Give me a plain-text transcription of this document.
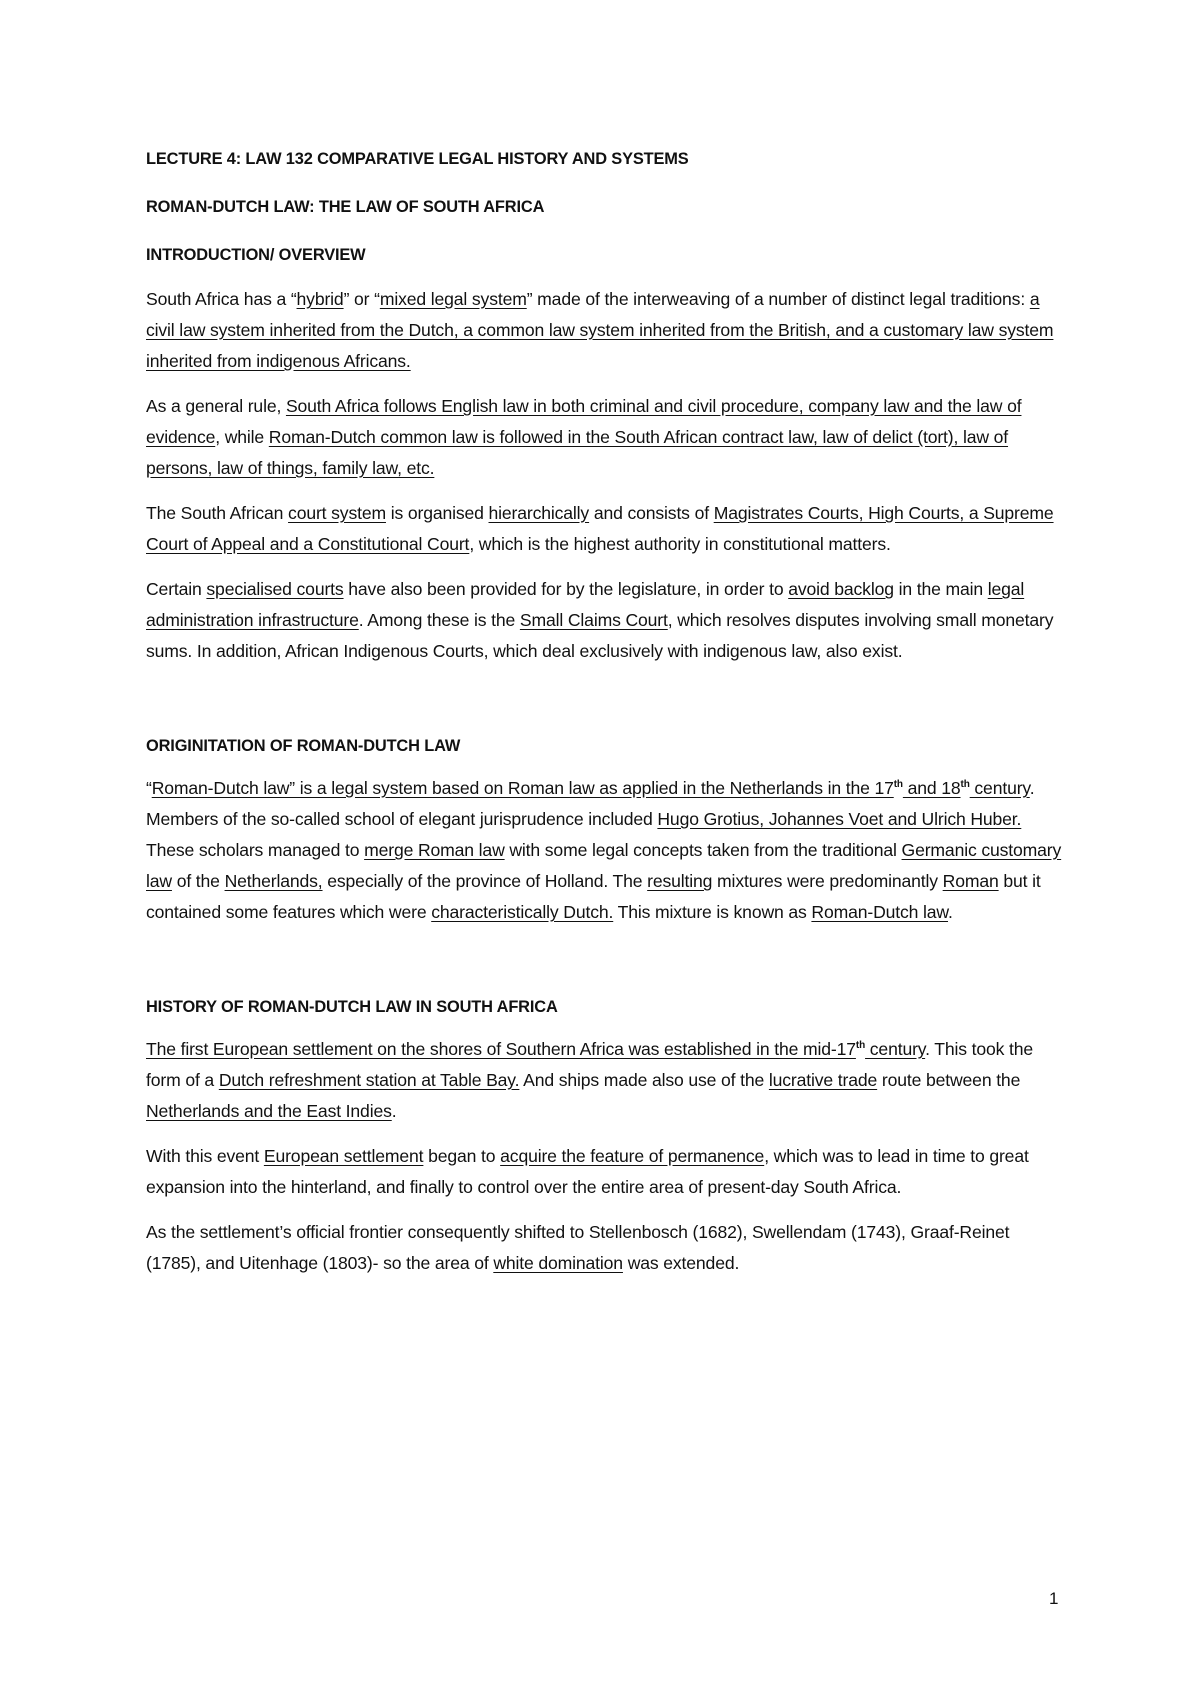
LECTURE 4: LAW 132 COMPARATIVE LEGAL HISTORY AND SYSTEMS

ROMAN-DUTCH LAW: THE LAW OF SOUTH AFRICA

INTRODUCTION/ OVERVIEW

South Africa has a “hybrid” or “mixed legal system” made of the interweaving of a number of distinct legal traditions: a civil law system inherited from the Dutch, a common law system inherited from the British, and a customary law system inherited from indigenous Africans.

As a general rule, South Africa follows English law in both criminal and civil procedure, company law and the law of evidence, while Roman-Dutch common law is followed in the South African contract law, law of delict (tort), law of persons, law of things, family law, etc.

The South African court system is organised hierarchically and consists of Magistrates Courts, High Courts, a Supreme Court of Appeal and a Constitutional Court, which is the highest authority in constitutional matters.

Certain specialised courts have also been provided for by the legislature, in order to avoid backlog in the main legal administration infrastructure. Among these is the Small Claims Court, which resolves disputes involving small monetary sums. In addition, African Indigenous Courts, which deal exclusively with indigenous law, also exist.

ORIGINITATION OF ROMAN-DUTCH LAW

“Roman-Dutch law” is a legal system based on Roman law as applied in the Netherlands in the 17th and 18th century. Members of the so-called school of elegant jurisprudence included Hugo Grotius, Johannes Voet and Ulrich Huber. These scholars managed to merge Roman law with some legal concepts taken from the traditional Germanic customary law of the Netherlands, especially of the province of Holland. The resulting mixtures were predominantly Roman but it contained some features which were characteristically Dutch. This mixture is known as Roman-Dutch law.

HISTORY OF ROMAN-DUTCH LAW IN SOUTH AFRICA

The first European settlement on the shores of Southern Africa was established in the mid-17th century. This took the form of a Dutch refreshment station at Table Bay. And ships made also use of the lucrative trade route between the Netherlands and the East Indies.

With this event European settlement began to acquire the feature of permanence, which was to lead in time to great expansion into the hinterland, and finally to control over the entire area of present-day South Africa.

As the settlement’s official frontier consequently shifted to Stellenbosch (1682), Swellendam (1743), Graaf-Reinet (1785), and Uitenhage (1803)- so the area of white domination was extended.

1
